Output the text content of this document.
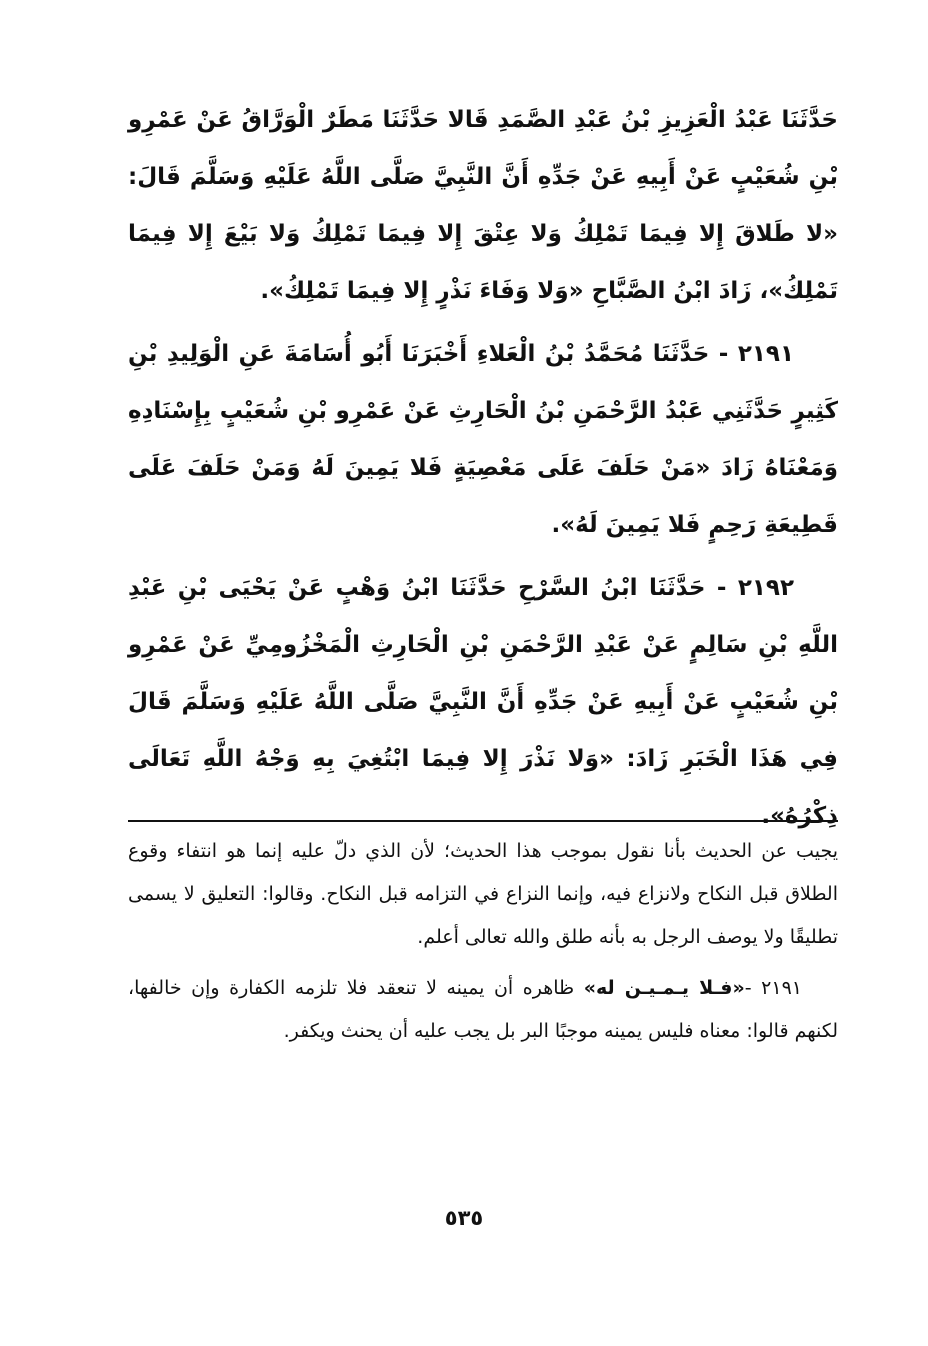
حَدَّثَنَا عَبْدُ الْعَزِيزِ بْنُ عَبْدِ الصَّمَدِ قَالا حَدَّثَنَا مَطَرٌ الْوَرَّاقُ عَنْ عَمْرِو بْنِ شُعَيْبٍ عَنْ أَبِيهِ عَنْ جَدِّهِ أَنَّ النَّبِيَّ صَلَّى اللَّهُ عَلَيْهِ وَسَلَّمَ قَالَ: «لا طَلاقَ إِلا فِيمَا تَمْلِكُ وَلا عِتْقَ إِلا فِيمَا تَمْلِكُ وَلا بَيْعَ إِلا فِيمَا تَمْلِكُ»، زَادَ ابْنُ الصَّبَّاحِ «وَلا وَفَاءَ نَذْرٍ إِلا فِيمَا تَمْلِكُ».

٢١٩١ - حَدَّثَنَا مُحَمَّدُ بْنُ الْعَلاءِ أَخْبَرَنَا أَبُو أُسَامَةَ عَنِ الْوَلِيدِ بْنِ كَثِيرٍ حَدَّثَنِي عَبْدُ الرَّحْمَنِ بْنُ الْحَارِثِ عَنْ عَمْرِو بْنِ شُعَيْبٍ بِإِسْنَادِهِ وَمَعْنَاهُ زَادَ «مَنْ حَلَفَ عَلَى مَعْصِيَةٍ فَلا يَمِينَ لَهُ وَمَنْ حَلَفَ عَلَى قَطِيعَةِ رَحِمٍ فَلا يَمِينَ لَهُ».

٢١٩٢ - حَدَّثَنَا ابْنُ السَّرْحِ حَدَّثَنَا ابْنُ وَهْبٍ عَنْ يَحْيَى بْنِ عَبْدِ اللَّهِ بْنِ سَالِمٍ عَنْ عَبْدِ الرَّحْمَنِ بْنِ الْحَارِثِ الْمَخْزُومِيِّ عَنْ عَمْرِو بْنِ شُعَيْبٍ عَنْ أَبِيهِ عَنْ جَدِّهِ أَنَّ النَّبِيَّ صَلَّى اللَّهُ عَلَيْهِ وَسَلَّمَ قَالَ فِي هَذَا الْخَبَرِ زَادَ: «وَلا نَذْرَ إِلا فِيمَا ابْتُغِيَ بِهِ وَجْهُ اللَّهِ تَعَالَى ذِكْرُهُ».

يجيب عن الحديث بأنا نقول بموجب هذا الحديث؛ لأن الذي دلّ عليه إنما هو انتفاء وقوع الطلاق قبل النكاح ولانزاع فيه، وإنما النزاع في التزامه قبل النكاح. وقالوا: التعليق لا يسمى تطليقًا ولا يوصف الرجل به بأنه طلق والله تعالى أعلم.

٢١٩١ -«فـلا يـمـيـن له» ظاهره أن يمينه لا تنعقد فلا تلزمه الكفارة وإن خالفها، لكنهم قالوا: معناه فليس يمينه موجبًا البر بل يجب عليه أن يحنث ويكفر.

٥٣٥
